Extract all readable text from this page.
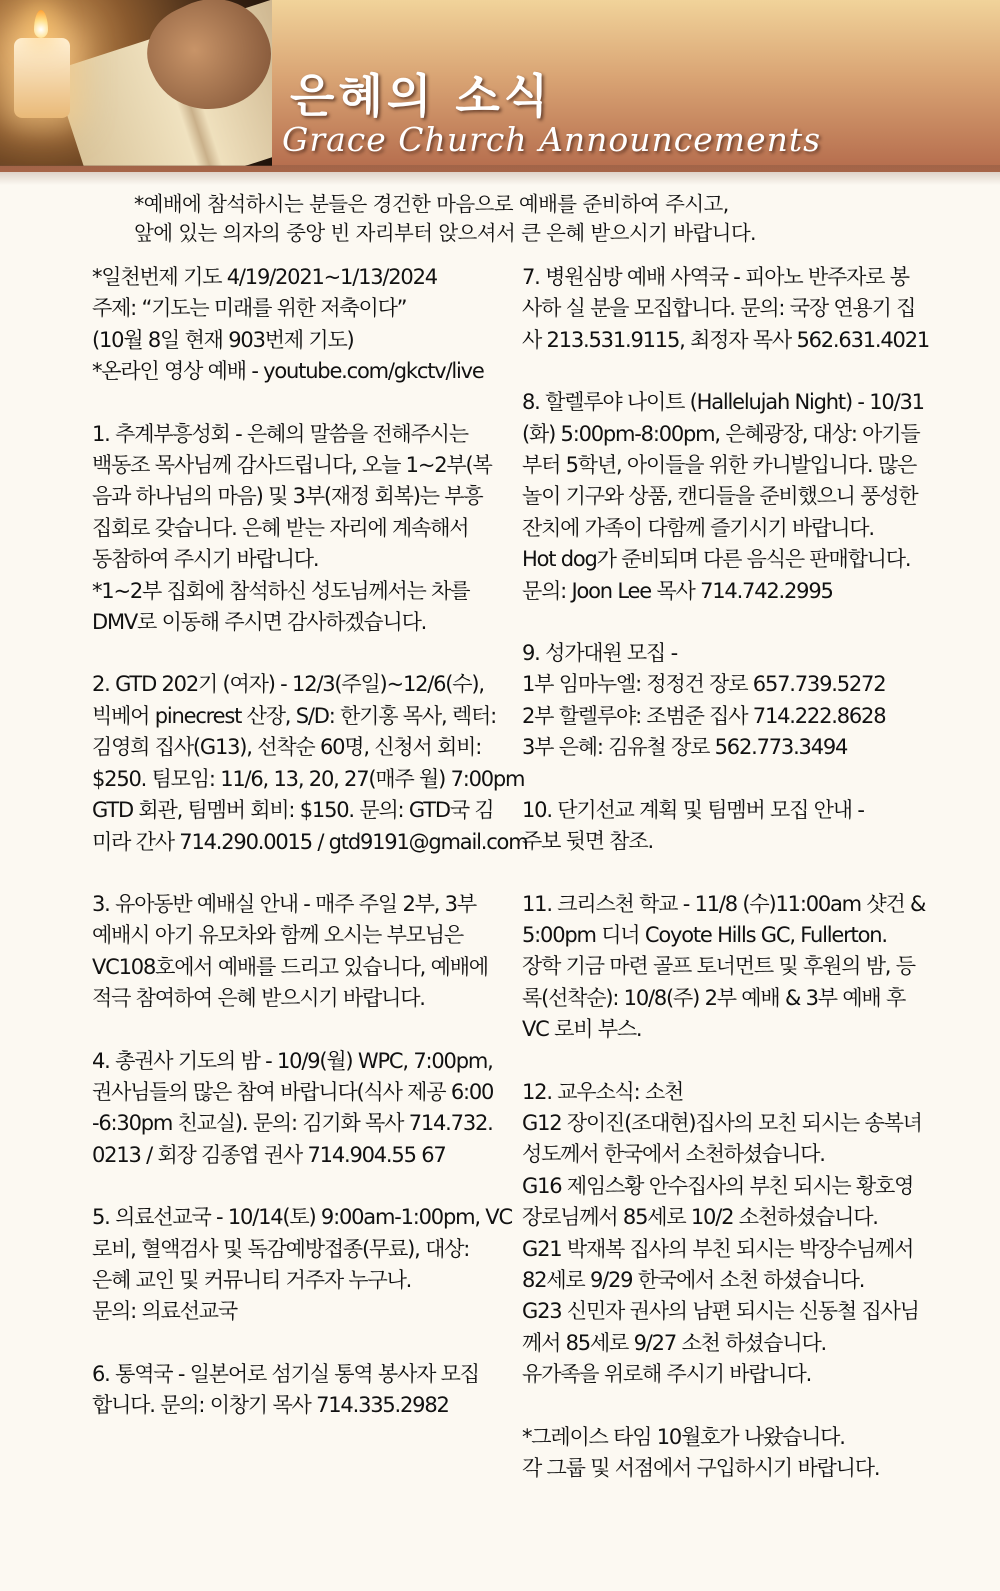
은혜의 소식
Grace Church Announcements
*예배에 참석하시는 분들은 경건한 마음으로 예배를 준비하여 주시고,
앞에 있는 의자의 중앙 빈 자리부터 앉으셔서 큰 은혜 받으시기 바랍니다.
*일천번제 기도 4/19/2021~1/13/2024
주제: “기도는 미래를 위한 저축이다”
(10월 8일 현재 903번제 기도)
*온라인 영상 예배 - youtube.com/gkctv/live
1. 추계부흥성회 - 은혜의 말씀을 전해주시는
백동조 목사님께 감사드립니다, 오늘 1~2부(복
음과 하나님의 마음) 및 3부(재정 회복)는 부흥
집회로 갖습니다. 은혜 받는 자리에 계속해서
동참하여 주시기 바랍니다.
*1~2부 집회에 참석하신 성도님께서는 차를
DMV로 이동해 주시면 감사하겠습니다.
2. GTD 202기 (여자) - 12/3(주일)~12/6(수),
빅베어 pinecrest 산장, S/D: 한기홍 목사, 렉터:
김영희 집사(G13), 선착순 60명, 신청서 회비:
$250. 팀모임: 11/6, 13, 20, 27(매주 월) 7:00pm
GTD 회관, 팀멤버 회비: $150. 문의: GTD국 김
미라 간사 714.290.0015 / gtd9191@gmail.com
3. 유아동반 예배실 안내 - 매주 주일 2부, 3부
예배시 아기 유모차와 함께 오시는 부모님은
VC108호에서 예배를 드리고 있습니다, 예배에
적극 참여하여 은혜 받으시기 바랍니다.
4. 총권사 기도의 밤 - 10/9(월) WPC, 7:00pm,
권사님들의 많은 참여 바랍니다(식사 제공 6:00
-6:30pm 친교실). 문의: 김기화 목사 714.732.
0213 / 회장 김종엽 권사 714.904.55 67
5. 의료선교국 - 10/14(토) 9:00am-1:00pm, VC
로비, 혈액검사 및 독감예방접종(무료), 대상:
은혜 교인 및 커뮤니티 거주자 누구나.
문의: 의료선교국
6. 통역국 - 일본어로 섬기실 통역 봉사자 모집
합니다. 문의: 이창기 목사 714.335.2982
7. 병원심방 예배 사역국 - 피아노 반주자로 봉
사하 실 분을 모집합니다. 문의: 국장 연용기 집
사 213.531.9115, 최정자 목사 562.631.4021
8. 할렐루야 나이트 (Hallelujah Night) - 10/31
(화) 5:00pm-8:00pm, 은혜광장, 대상: 아기들
부터 5학년, 아이들을 위한 카니발입니다. 많은
놀이 기구와 상품, 캔디들을 준비했으니 풍성한
잔치에 가족이 다함께 즐기시기 바랍니다.
Hot dog가 준비되며 다른 음식은 판매합니다.
문의: Joon Lee 목사 714.742.2995
9. 성가대원 모집 -
1부 임마누엘: 정정건 장로 657.739.5272
2부 할렐루야: 조범준 집사 714.222.8628
3부 은혜: 김유철 장로 562.773.3494
10. 단기선교 계획 및 팀멤버 모집 안내 -
주보 뒷면 참조.
11. 크리스천 학교 - 11/8 (수)11:00am 샷건 &
5:00pm 디너 Coyote Hills GC, Fullerton.
장학 기금 마련 골프 토너먼트 및 후원의 밤, 등
록(선착순): 10/8(주) 2부 예배 & 3부 예배 후
VC 로비 부스.
12. 교우소식: 소천
G12 장이진(조대현)집사의 모친 되시는 송복녀
성도께서 한국에서 소천하셨습니다.
G16 제임스황 안수집사의 부친 되시는 황호영
장로님께서 85세로 10/2 소천하셨습니다.
G21 박재복 집사의 부친 되시는 박장수님께서
82세로 9/29 한국에서 소천 하셨습니다.
G23 신민자 권사의 남편 되시는 신동철 집사님
께서 85세로 9/27 소천 하셨습니다.
유가족을 위로해 주시기 바랍니다.
*그레이스 타임 10월호가 나왔습니다.
각 그룹 및 서점에서 구입하시기 바랍니다.
